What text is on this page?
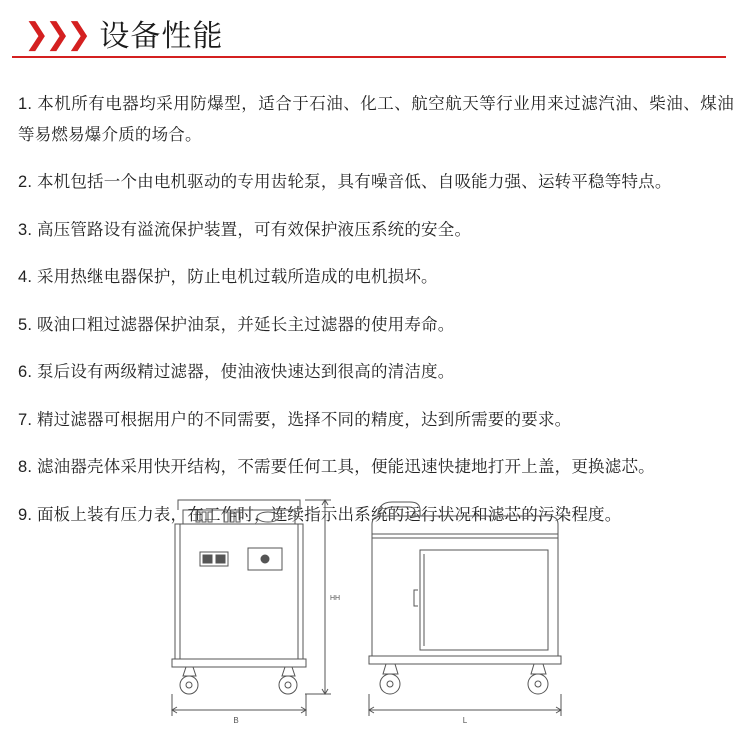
❯❯❯ 设备性能

1. 本机所有电器均采用防爆型，适合于石油、化工、航空航天等行业用来过滤汽油、柴油、煤油等易燃易爆介质的场合。

2. 本机包括一个由电机驱动的专用齿轮泵，具有噪音低、自吸能力强、运转平稳等特点。

3. 高压管路设有溢流保护装置，可有效保护液压系统的安全。

4. 采用热继电器保护，防止电机过载所造成的电机损坏。

5. 吸油口粗过滤器保护油泵，并延长主过滤器的使用寿命。

6. 泵后设有两级精过滤器，使油液快速达到很高的清洁度。

7. 精过滤器可根据用户的不同需要，选择不同的精度，达到所需要的要求。

8. 滤油器壳体采用快开结构，不需要任何工具，便能迅速快捷地打开上盖，更换滤芯。

9. 面板上装有压力表，在工作时，连续指示出系统的运行状况和滤芯的污染程度。

HH
B	L
